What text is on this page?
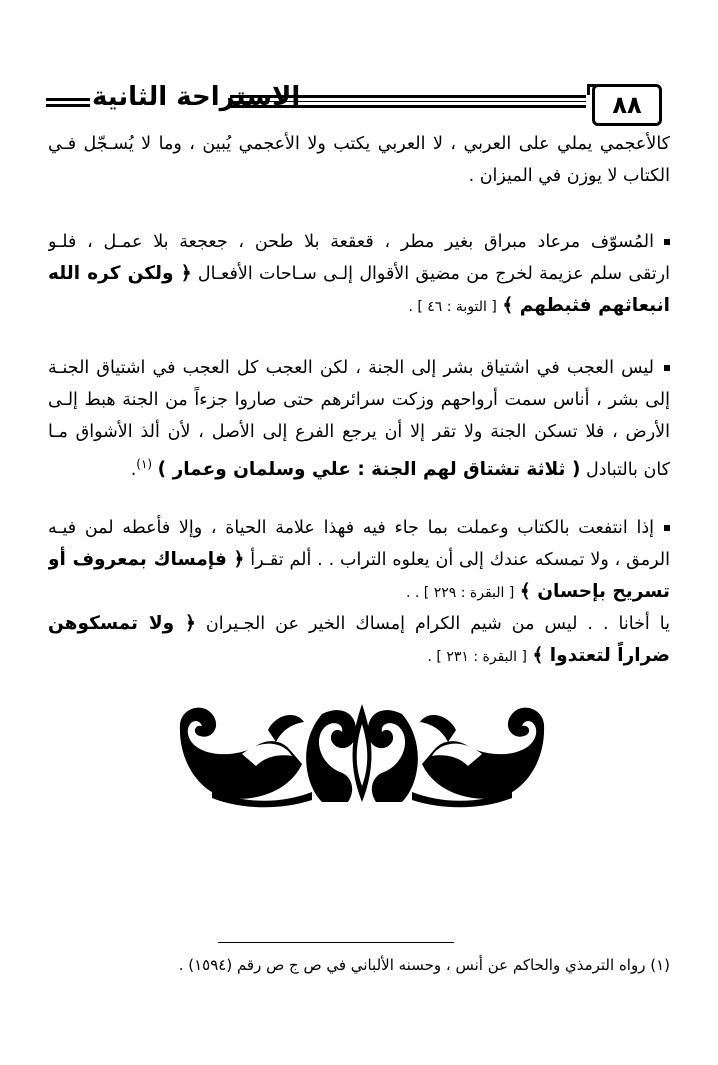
الاستراحة الثانية	٨٨
كالأعجمي يملي على العربي ، لا العربي يكتب ولا الأعجمي يُبين ، وما لا يُسـجّل فـي
الكتاب لا يوزن في الميزان .
المُسوّف مرعاد مبراق بغير مطر ، قعقعة بلا طحن ، جعجعة بلا عمـل ، فلـو
ارتقى سلم عزيمة لخرج من مضيق الأقوال إلـى سـاحات الأفعـال ﴿ ولكن كره الله
انبعاثهم فثبطهم ﴾ [ التوبة : ٤٦ ] .
ليس العجب في اشتياق بشر إلى الجنة ، لكن العجب كل العجب في اشتياق الجنـة
إلى بشر ، أناس سمت أرواحهم وزكت سرائرهم حتى صاروا جزءاً من الجنة هبط إلـى
الأرض ، فلا تسكن الجنة ولا تقر إلا أن يرجع الفرع إلى الأصل ، لأن ألذ الأشواق مـا
كان بالتبادل ( ثلاثة تشتاق لهم الجنة : علي وسلمان وعمار ) $^{(١)}$.
إذا انتفعت بالكتاب وعملت بما جاء فيه فهذا علامة الحياة ، وإلا فأعطه لمن فيـه
الرمق ، ولا تمسكه عندك إلى أن يعلوه التراب . . ألم تقـرأ ﴿ فإمساك بمعروف أو
تسريح بإحسان ﴾ [ البقرة : ٢٢٩ ] . .
يا أخانا . . ليس من شيم الكرام إمساك الخير عن الجـيران ﴿ ولا تمسكوهن
ضراراً لتعتدوا ﴾ [ البقرة : ٢٣١ ] .
(١) رواه الترمذي والحاكم عن أنس ، وحسنه الألباني في ص ج ص رقم (١٥٩٤) .
